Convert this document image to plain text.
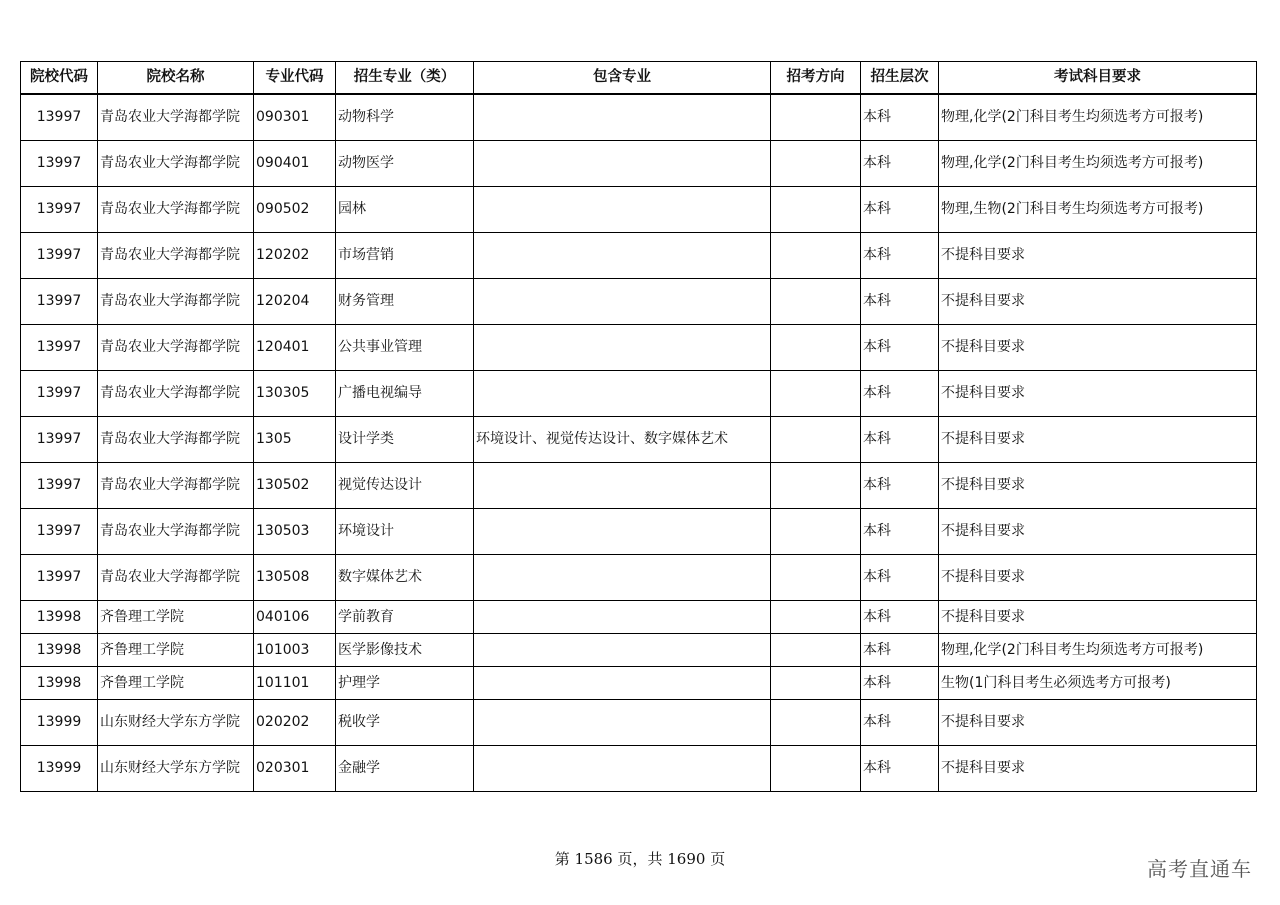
院校代码	院校名称	专业代码	招生专业（类）	包含专业	招考方向	招生层次	考试科目要求
13997	青岛农业大学海都学院	090301	动物科学			本科	物理,化学(2门科目考生均须选考方可报考)
13997	青岛农业大学海都学院	090401	动物医学			本科	物理,化学(2门科目考生均须选考方可报考)
13997	青岛农业大学海都学院	090502	园林			本科	物理,生物(2门科目考生均须选考方可报考)
13997	青岛农业大学海都学院	120202	市场营销			本科	不提科目要求
13997	青岛农业大学海都学院	120204	财务管理			本科	不提科目要求
13997	青岛农业大学海都学院	120401	公共事业管理			本科	不提科目要求
13997	青岛农业大学海都学院	130305	广播电视编导			本科	不提科目要求
13997	青岛农业大学海都学院	1305	设计学类	环境设计、视觉传达设计、数字媒体艺术		本科	不提科目要求
13997	青岛农业大学海都学院	130502	视觉传达设计			本科	不提科目要求
13997	青岛农业大学海都学院	130503	环境设计			本科	不提科目要求
13997	青岛农业大学海都学院	130508	数字媒体艺术			本科	不提科目要求
13998	齐鲁理工学院	040106	学前教育			本科	不提科目要求
13998	齐鲁理工学院	101003	医学影像技术			本科	物理,化学(2门科目考生均须选考方可报考)
13998	齐鲁理工学院	101101	护理学			本科	生物(1门科目考生必须选考方可报考)
13999	山东财经大学东方学院	020202	税收学			本科	不提科目要求
13999	山东财经大学东方学院	020301	金融学			本科	不提科目要求
第 1586 页，共 1690 页	高考直通车
